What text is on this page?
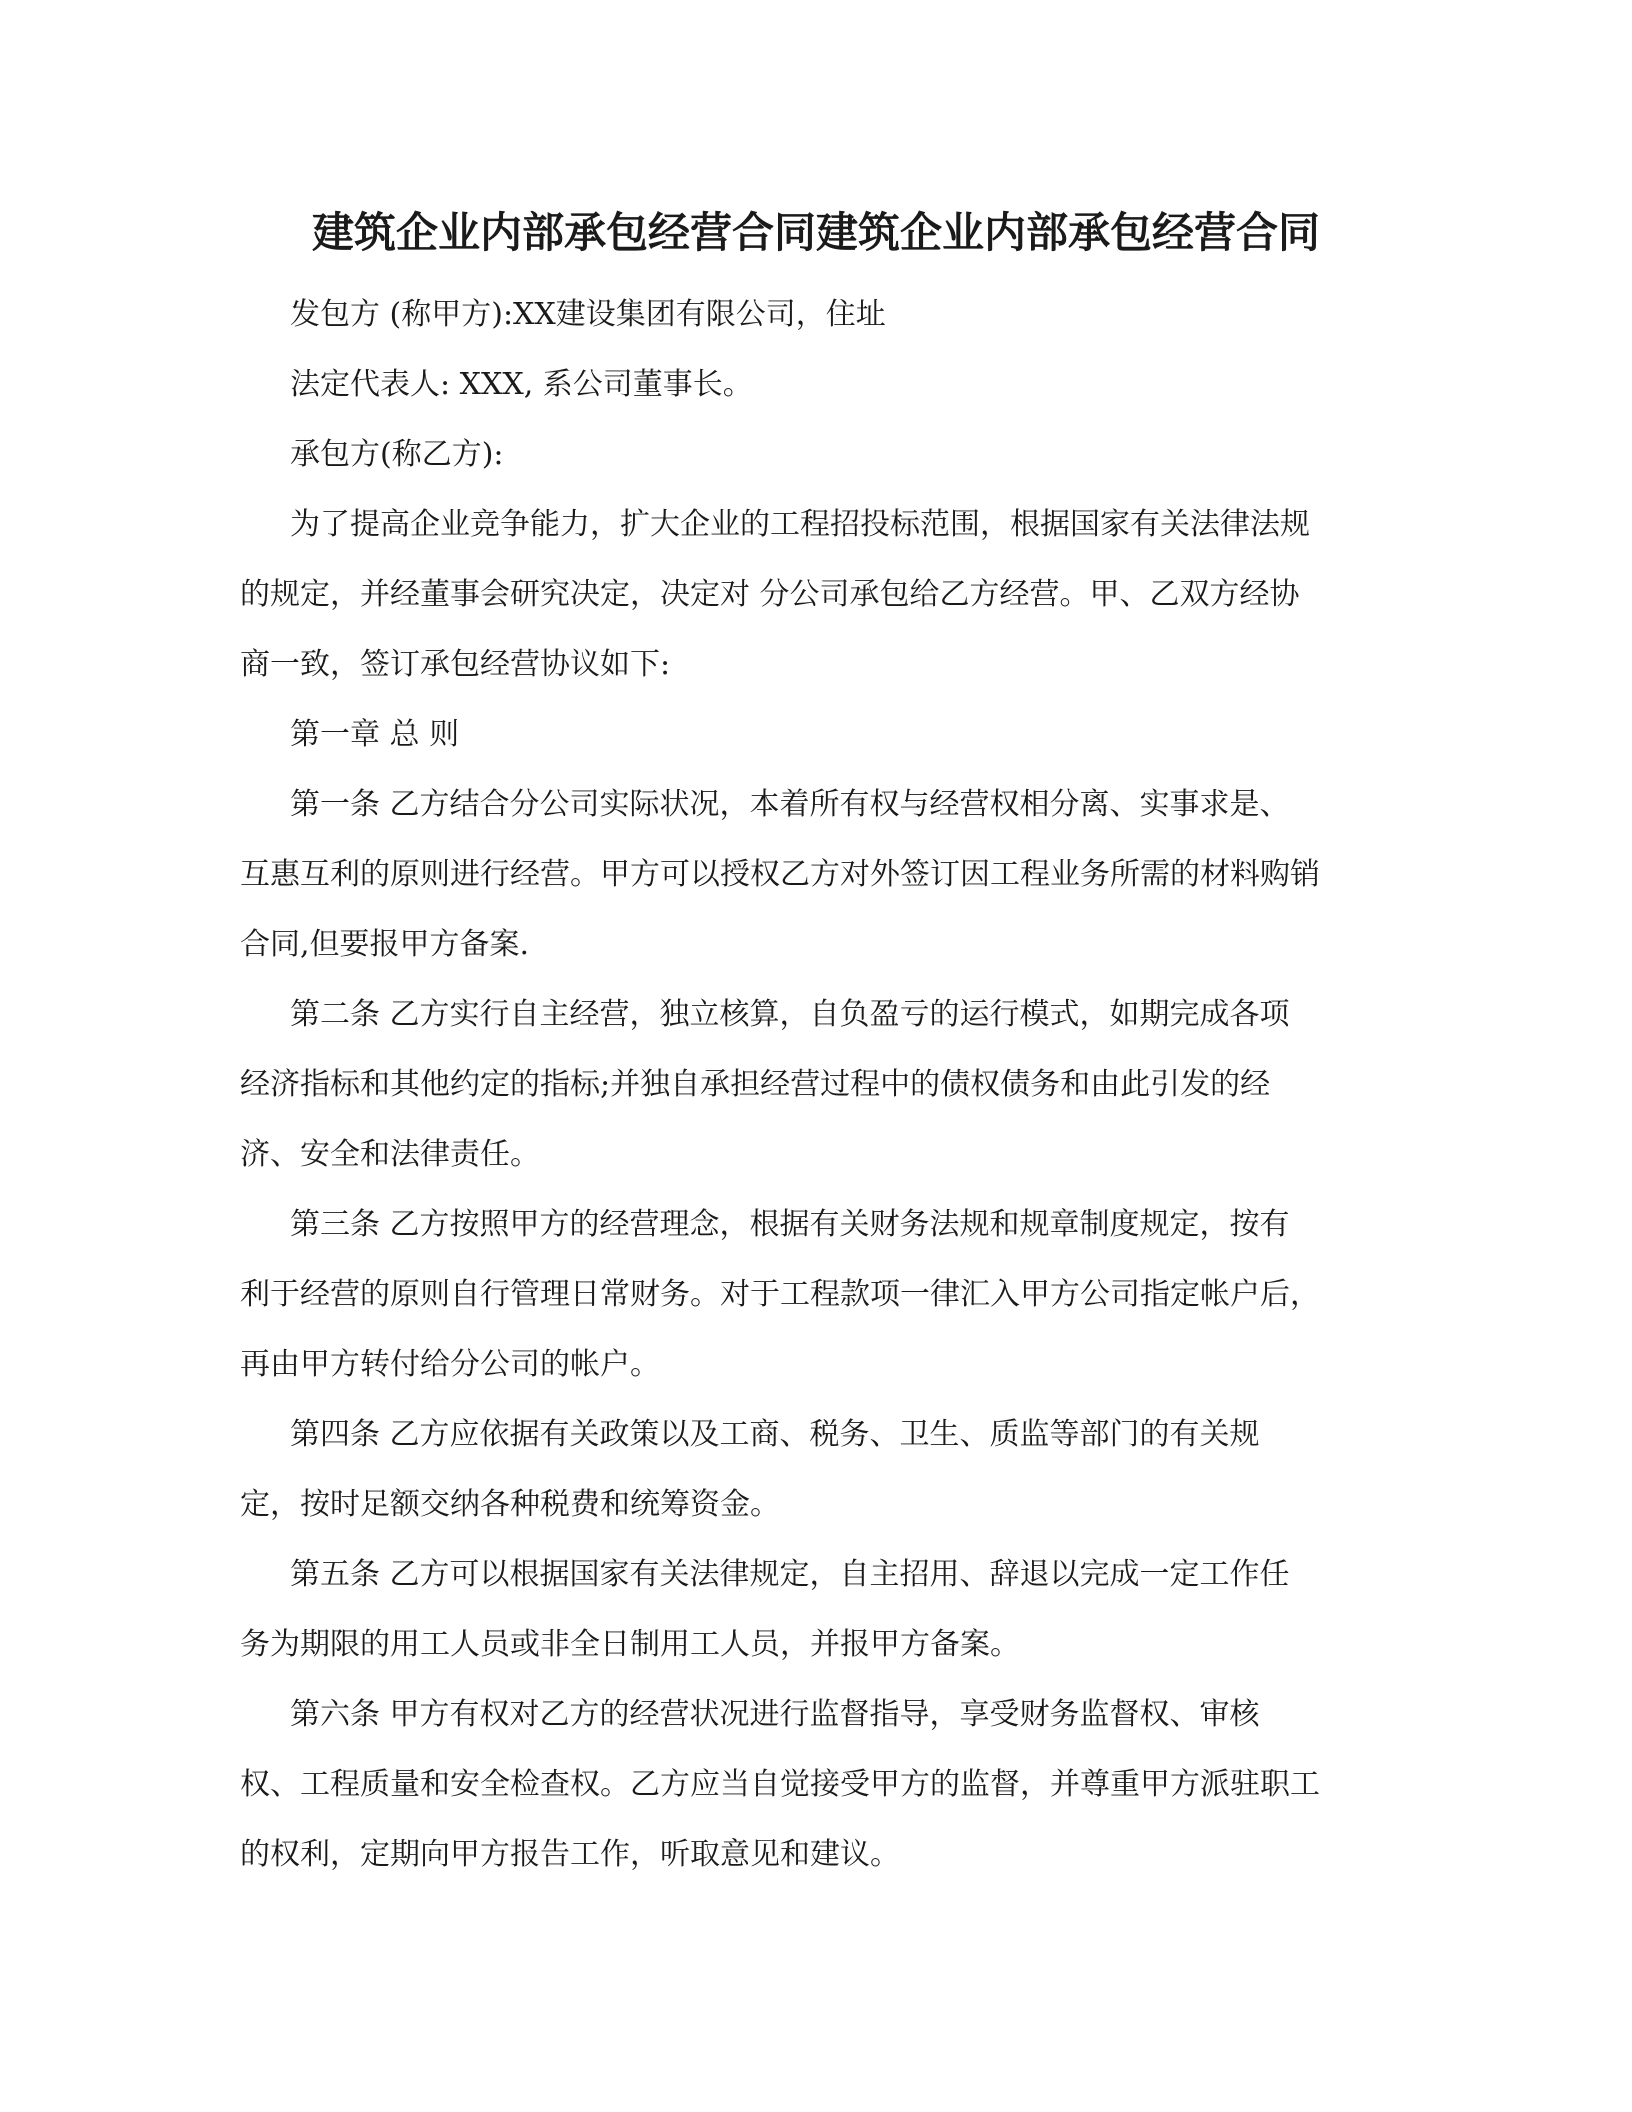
建筑企业内部承包经营合同建筑企业内部承包经营合同
发包方 (称甲方):XX建设集团有限公司，住址
法定代表人: XXX, 系公司董事长。
承包方(称乙方):
为了提高企业竞争能力，扩大企业的工程招投标范围，根据国家有关法律法规
的规定，并经董事会研究决定，决定对 分公司承包给乙方经营。甲、乙双方经协
商一致，签订承包经营协议如下:
第一章 总 则
第一条 乙方结合分公司实际状况，本着所有权与经营权相分离、实事求是、
互惠互利的原则进行经营。甲方可以授权乙方对外签订因工程业务所需的材料购销
合同,但要报甲方备案.
第二条 乙方实行自主经营，独立核算，自负盈亏的运行模式，如期完成各项
经济指标和其他约定的指标;并独自承担经营过程中的债权债务和由此引发的经
济、安全和法律责任。
第三条 乙方按照甲方的经营理念，根据有关财务法规和规章制度规定，按有
利于经营的原则自行管理日常财务。对于工程款项一律汇入甲方公司指定帐户后，
再由甲方转付给分公司的帐户。
第四条 乙方应依据有关政策以及工商、税务、卫生、质监等部门的有关规
定，按时足额交纳各种税费和统筹资金。
第五条 乙方可以根据国家有关法律规定，自主招用、辞退以完成一定工作任
务为期限的用工人员或非全日制用工人员，并报甲方备案。
第六条 甲方有权对乙方的经营状况进行监督指导，享受财务监督权、审核
权、工程质量和安全检查权。乙方应当自觉接受甲方的监督，并尊重甲方派驻职工
的权利，定期向甲方报告工作，听取意见和建议。
